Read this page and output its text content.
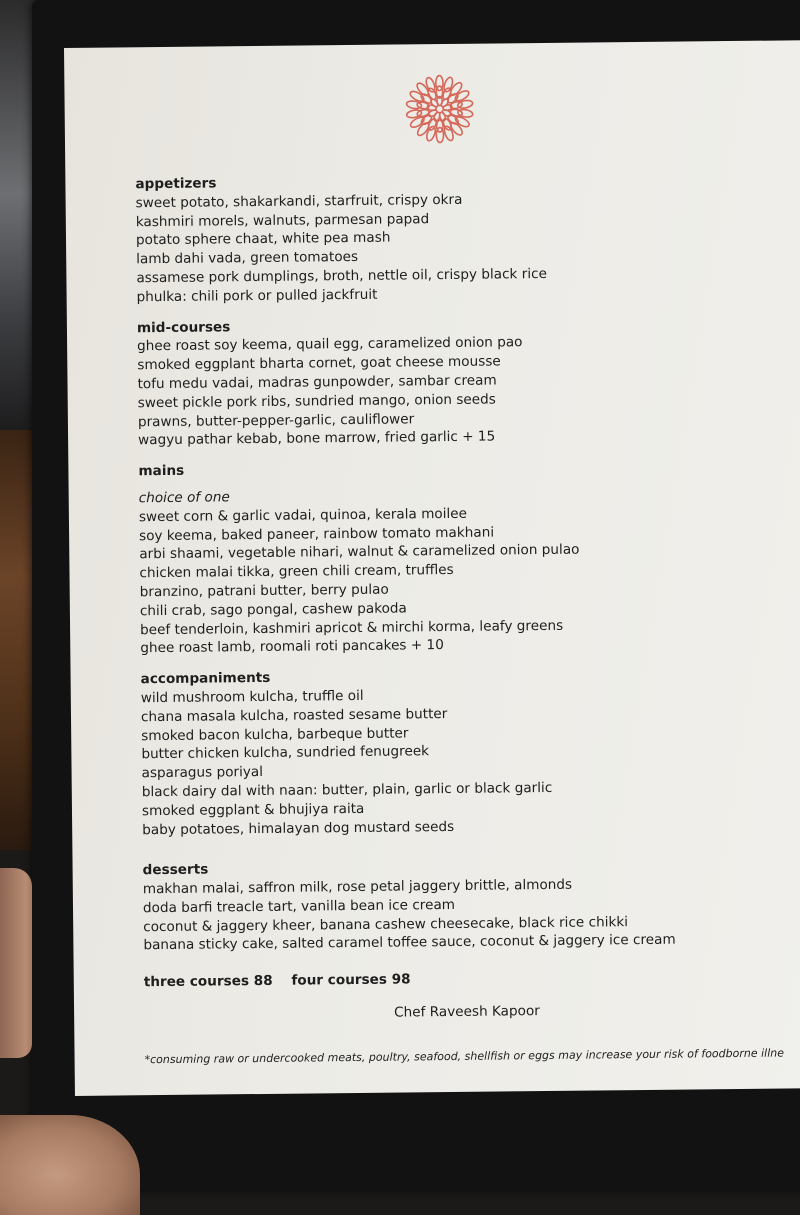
appetizers
sweet potato, shakarkandi, starfruit, crispy okra
kashmiri morels, walnuts, parmesan papad
potato sphere chaat, white pea mash
lamb dahi vada, green tomatoes
assamese pork dumplings, broth, nettle oil, crispy black rice
phulka: chili pork or pulled jackfruit
mid-courses
ghee roast soy keema, quail egg, caramelized onion pao
smoked eggplant bharta cornet, goat cheese mousse
tofu medu vadai, madras gunpowder, sambar cream
sweet pickle pork ribs, sundried mango, onion seeds
prawns, butter-pepper-garlic, cauliflower
wagyu pathar kebab, bone marrow, fried garlic + 15
mains
choice of one
sweet corn & garlic vadai, quinoa, kerala moilee
soy keema, baked paneer, rainbow tomato makhani
arbi shaami, vegetable nihari, walnut & caramelized onion pulao
chicken malai tikka, green chili cream, truffles
branzino, patrani butter, berry pulao
chili crab, sago pongal, cashew pakoda
beef tenderloin, kashmiri apricot & mirchi korma, leafy greens
ghee roast lamb, roomali roti pancakes + 10
accompaniments
wild mushroom kulcha, truffle oil
chana masala kulcha, roasted sesame butter
smoked bacon kulcha, barbeque butter
butter chicken kulcha, sundried fenugreek
asparagus poriyal
black dairy dal with naan: butter, plain, garlic or black garlic
smoked eggplant & bhujiya raita
baby potatoes, himalayan dog mustard seeds
desserts
makhan malai, saffron milk, rose petal jaggery brittle, almonds
doda barfi treacle tart, vanilla bean ice cream
coconut & jaggery kheer, banana cashew cheesecake, black rice chikki
banana sticky cake, salted caramel toffee sauce, coconut & jaggery ice cream
three courses 88 four courses 98
Chef Raveesh Kapoor
*consuming raw or undercooked meats, poultry, seafood, shellfish or eggs may increase your risk of foodborne illne
